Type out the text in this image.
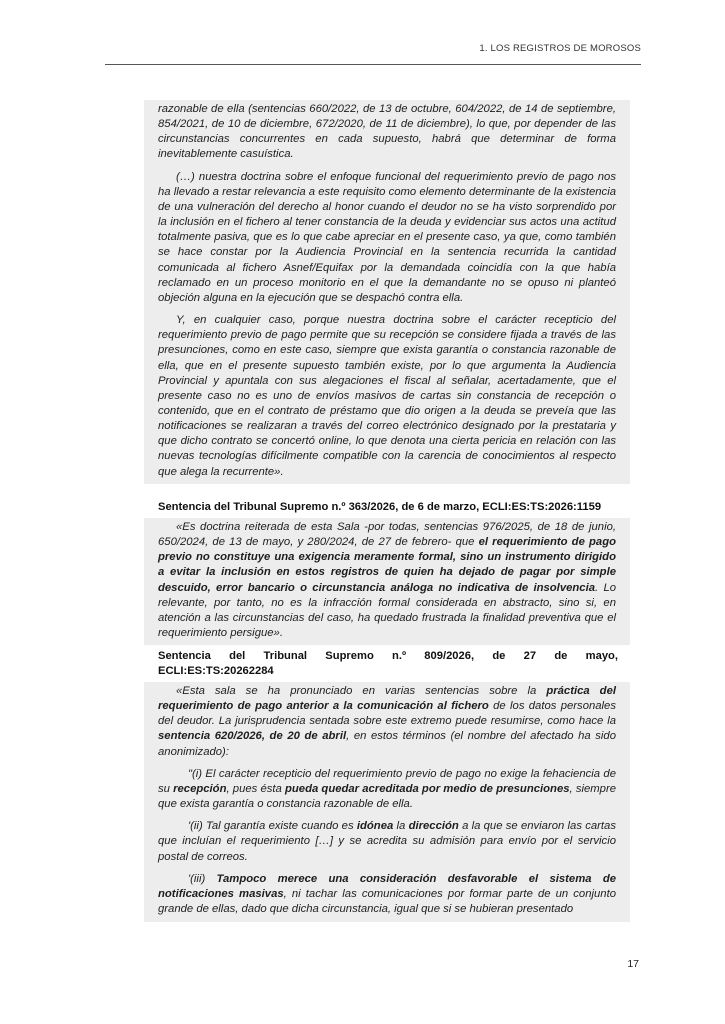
1. LOS REGISTROS DE MOROSOS

razonable de ella (sentencias 660/2022, de 13 de octubre, 604/2022, de 14 de septiembre, 854/2021, de 10 de diciembre, 672/2020, de 11 de diciembre), lo que, por depender de las circunstancias concurrentes en cada supuesto, habrá que determinar de forma inevitablemente casuística.

(…) nuestra doctrina sobre el enfoque funcional del requerimiento previo de pago nos ha llevado a restar relevancia a este requisito como elemento determinante de la existencia de una vulneración del derecho al honor cuando el deudor no se ha visto sorprendido por la inclusión en el fichero al tener constancia de la deuda y evidenciar sus actos una actitud totalmente pasiva, que es lo que cabe apreciar en el presente caso, ya que, como también se hace constar por la Audiencia Provincial en la sentencia recurrida la cantidad comunicada al fichero Asnef/Equifax por la demandada coincidía con la que había reclamado en un proceso monitorio en el que la demandante no se opuso ni planteó objeción alguna en la ejecución que se despachó contra ella.

Y, en cualquier caso, porque nuestra doctrina sobre el carácter recepticio del requerimiento previo de pago permite que su recepción se considere fijada a través de las presunciones, como en este caso, siempre que exista garantía o constancia razonable de ella, que en el presente supuesto también existe, por lo que argumenta la Audiencia Provincial y apuntala con sus alegaciones el fiscal al señalar, acertadamente, que el presente caso no es uno de envíos masivos de cartas sin constancia de recepción o contenido, que en el contrato de préstamo que dio origen a la deuda se preveía que las notificaciones se realizaran a través del correo electrónico designado por la prestataria y que dicho contrato se concertó online, lo que denota una cierta pericia en relación con las nuevas tecnologías difícilmente compatible con la carencia de conocimientos al respecto que alega la recurrente».

Sentencia del Tribunal Supremo n.º 363/2026, de 6 de marzo, ECLI:ES:TS:2026:1159

«Es doctrina reiterada de esta Sala -por todas, sentencias 976/2025, de 18 de junio, 650/2024, de 13 de mayo, y 280/2024, de 27 de febrero- que el requerimiento de pago previo no constituye una exigencia meramente formal, sino un instrumento dirigido a evitar la inclusión en estos registros de quien ha dejado de pagar por simple descuido, error bancario o circunstancia análoga no indicativa de insolvencia. Lo relevante, por tanto, no es la infracción formal considerada en abstracto, sino si, en atención a las circunstancias del caso, ha quedado frustrada la finalidad preventiva que el requerimiento persigue».

Sentencia del Tribunal Supremo n.º 809/2026, de 27 de mayo,
ECLI:ES:TS:20262284

«Esta sala se ha pronunciado en varias sentencias sobre la práctica del requerimiento de pago anterior a la comunicación al fichero de los datos personales del deudor. La jurisprudencia sentada sobre este extremo puede resumirse, como hace la sentencia 620/2026, de 20 de abril, en estos términos (el nombre del afectado ha sido anonimizado):

"(i) El carácter recepticio del requerimiento previo de pago no exige la fehaciencia de su recepción, pues ésta pueda quedar acreditada por medio de presunciones, siempre que exista garantía o constancia razonable de ella.

'(ii) Tal garantía existe cuando es idónea la dirección a la que se enviaron las cartas que incluían el requerimiento […] y se acredita su admisión para envío por el servicio postal de correos.

'(iii) Tampoco merece una consideración desfavorable el sistema de notificaciones masivas, ni tachar las comunicaciones por formar parte de un conjunto grande de ellas, dado que dicha circunstancia, igual que si se hubieran presentado

17
